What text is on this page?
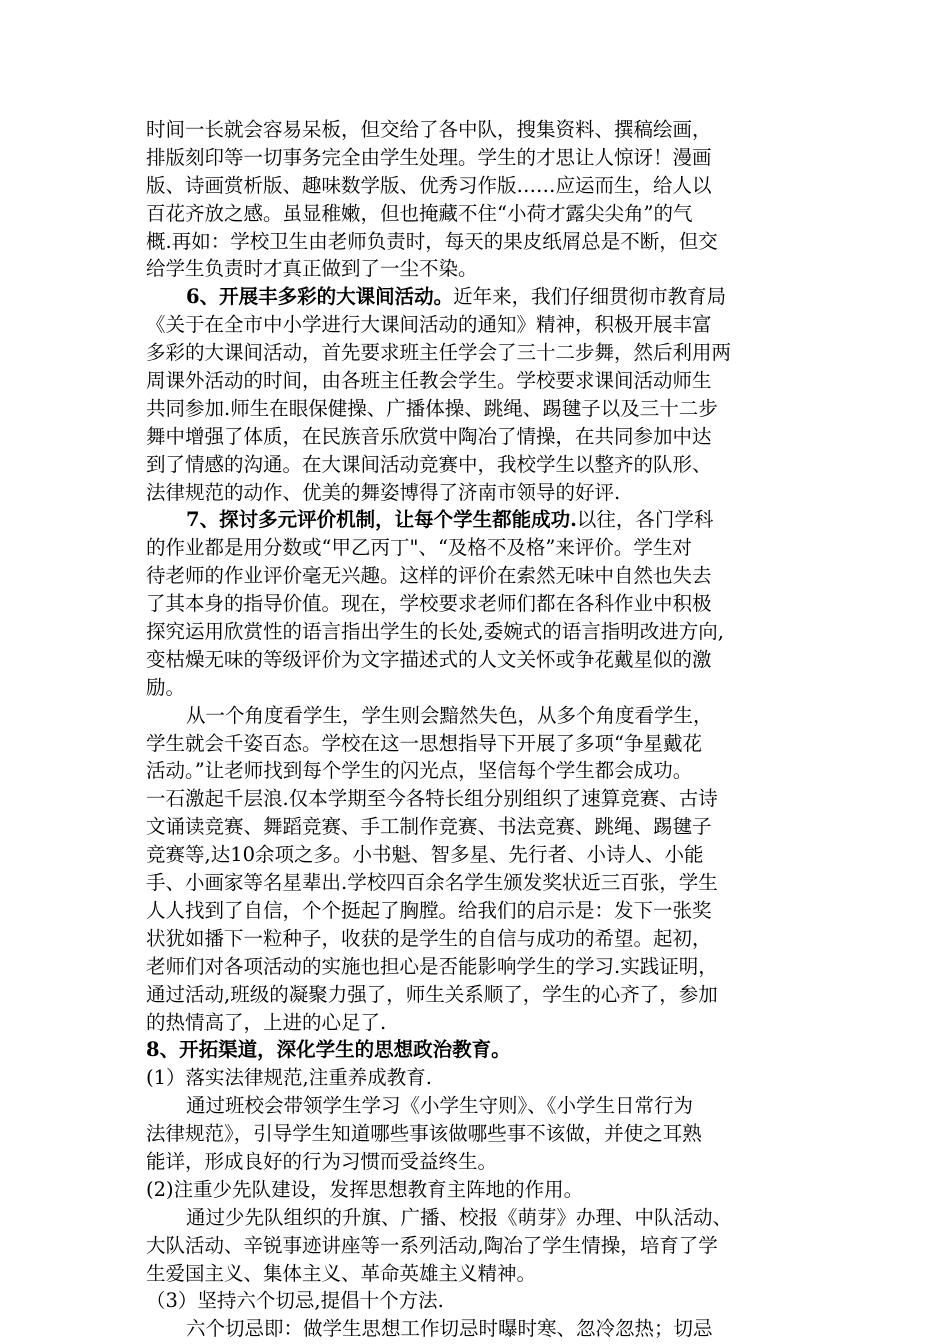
时间一长就会容易呆板，但交给了各中队，搜集资料、撰稿绘画，
排版刻印等一切事务完全由学生处理。学生的才思让人惊讶！漫画
版、诗画赏析版、趣味数学版、优秀习作版……应运而生，给人以
百花齐放之感。虽显稚嫩，但也掩藏不住“小荷才露尖尖角”的气
概.再如：学校卫生由老师负责时，每天的果皮纸屑总是不断，但交
给学生负责时才真正做到了一尘不染。
6、开展丰多彩的大课间活动。近年来，我们仔细贯彻市教育局
《关于在全市中小学进行大课间活动的通知》精神，积极开展丰富
多彩的大课间活动，首先要求班主任学会了三十二步舞，然后利用两
周课外活动的时间，由各班主任教会学生。学校要求课间活动师生
共同参加.师生在眼保健操、广播体操、跳绳、踢毽子以及三十二步
舞中增强了体质，在民族音乐欣赏中陶冶了情操，在共同参加中达
到了情感的沟通。在大课间活动竞赛中，我校学生以整齐的队形、
法律规范的动作、优美的舞姿博得了济南市领导的好评.
7、探讨多元评价机制，让每个学生都能成功.以往，各门学科
的作业都是用分数或“甲乙丙丁"、“及格不及格”来评价。学生对
待老师的作业评价毫无兴趣。这样的评价在索然无味中自然也失去
了其本身的指导价值。现在，学校要求老师们都在各科作业中积极
探究运用欣赏性的语言指出学生的长处,委婉式的语言指明改进方向,
变枯燥无味的等级评价为文字描述式的人文关怀或争花戴星似的激
励。
从一个角度看学生，学生则会黯然失色，从多个角度看学生，
学生就会千姿百态。学校在这一思想指导下开展了多项“争星戴花
活动。”让老师找到每个学生的闪光点，坚信每个学生都会成功。
一石激起千层浪.仅本学期至今各特长组分别组织了速算竞赛、古诗
文诵读竞赛、舞蹈竞赛、手工制作竞赛、书法竞赛、跳绳、踢毽子
竞赛等,达10余项之多。小书魁、智多星、先行者、小诗人、小能
手、小画家等名星辈出.学校四百余名学生颁发奖状近三百张，学生
人人找到了自信，个个挺起了胸膛。给我们的启示是：发下一张奖
状犹如播下一粒种子，收获的是学生的自信与成功的希望。起初，
老师们对各项活动的实施也担心是否能影响学生的学习.实践证明，
通过活动,班级的凝聚力强了，师生关系顺了，学生的心齐了，参加
的热情高了，上进的心足了.
8、开拓渠道，深化学生的思想政治教育。
(1）落实法律规范,注重养成教育.
通过班校会带领学生学习《小学生守则》、《小学生日常行为
法律规范》，引导学生知道哪些事该做哪些事不该做，并使之耳熟
能详，形成良好的行为习惯而受益终生。
(2)注重少先队建设，发挥思想教育主阵地的作用。
通过少先队组织的升旗、广播、校报《萌芽》办理、中队活动、
大队活动、辛锐事迹讲座等一系列活动,陶冶了学生情操，培育了学
生爱国主义、集体主义、革命英雄主义精神。
（3）坚持六个切忌,提倡十个方法.
六个切忌即：做学生思想工作切忌时曝时寒、忽冷忽热；切忌
